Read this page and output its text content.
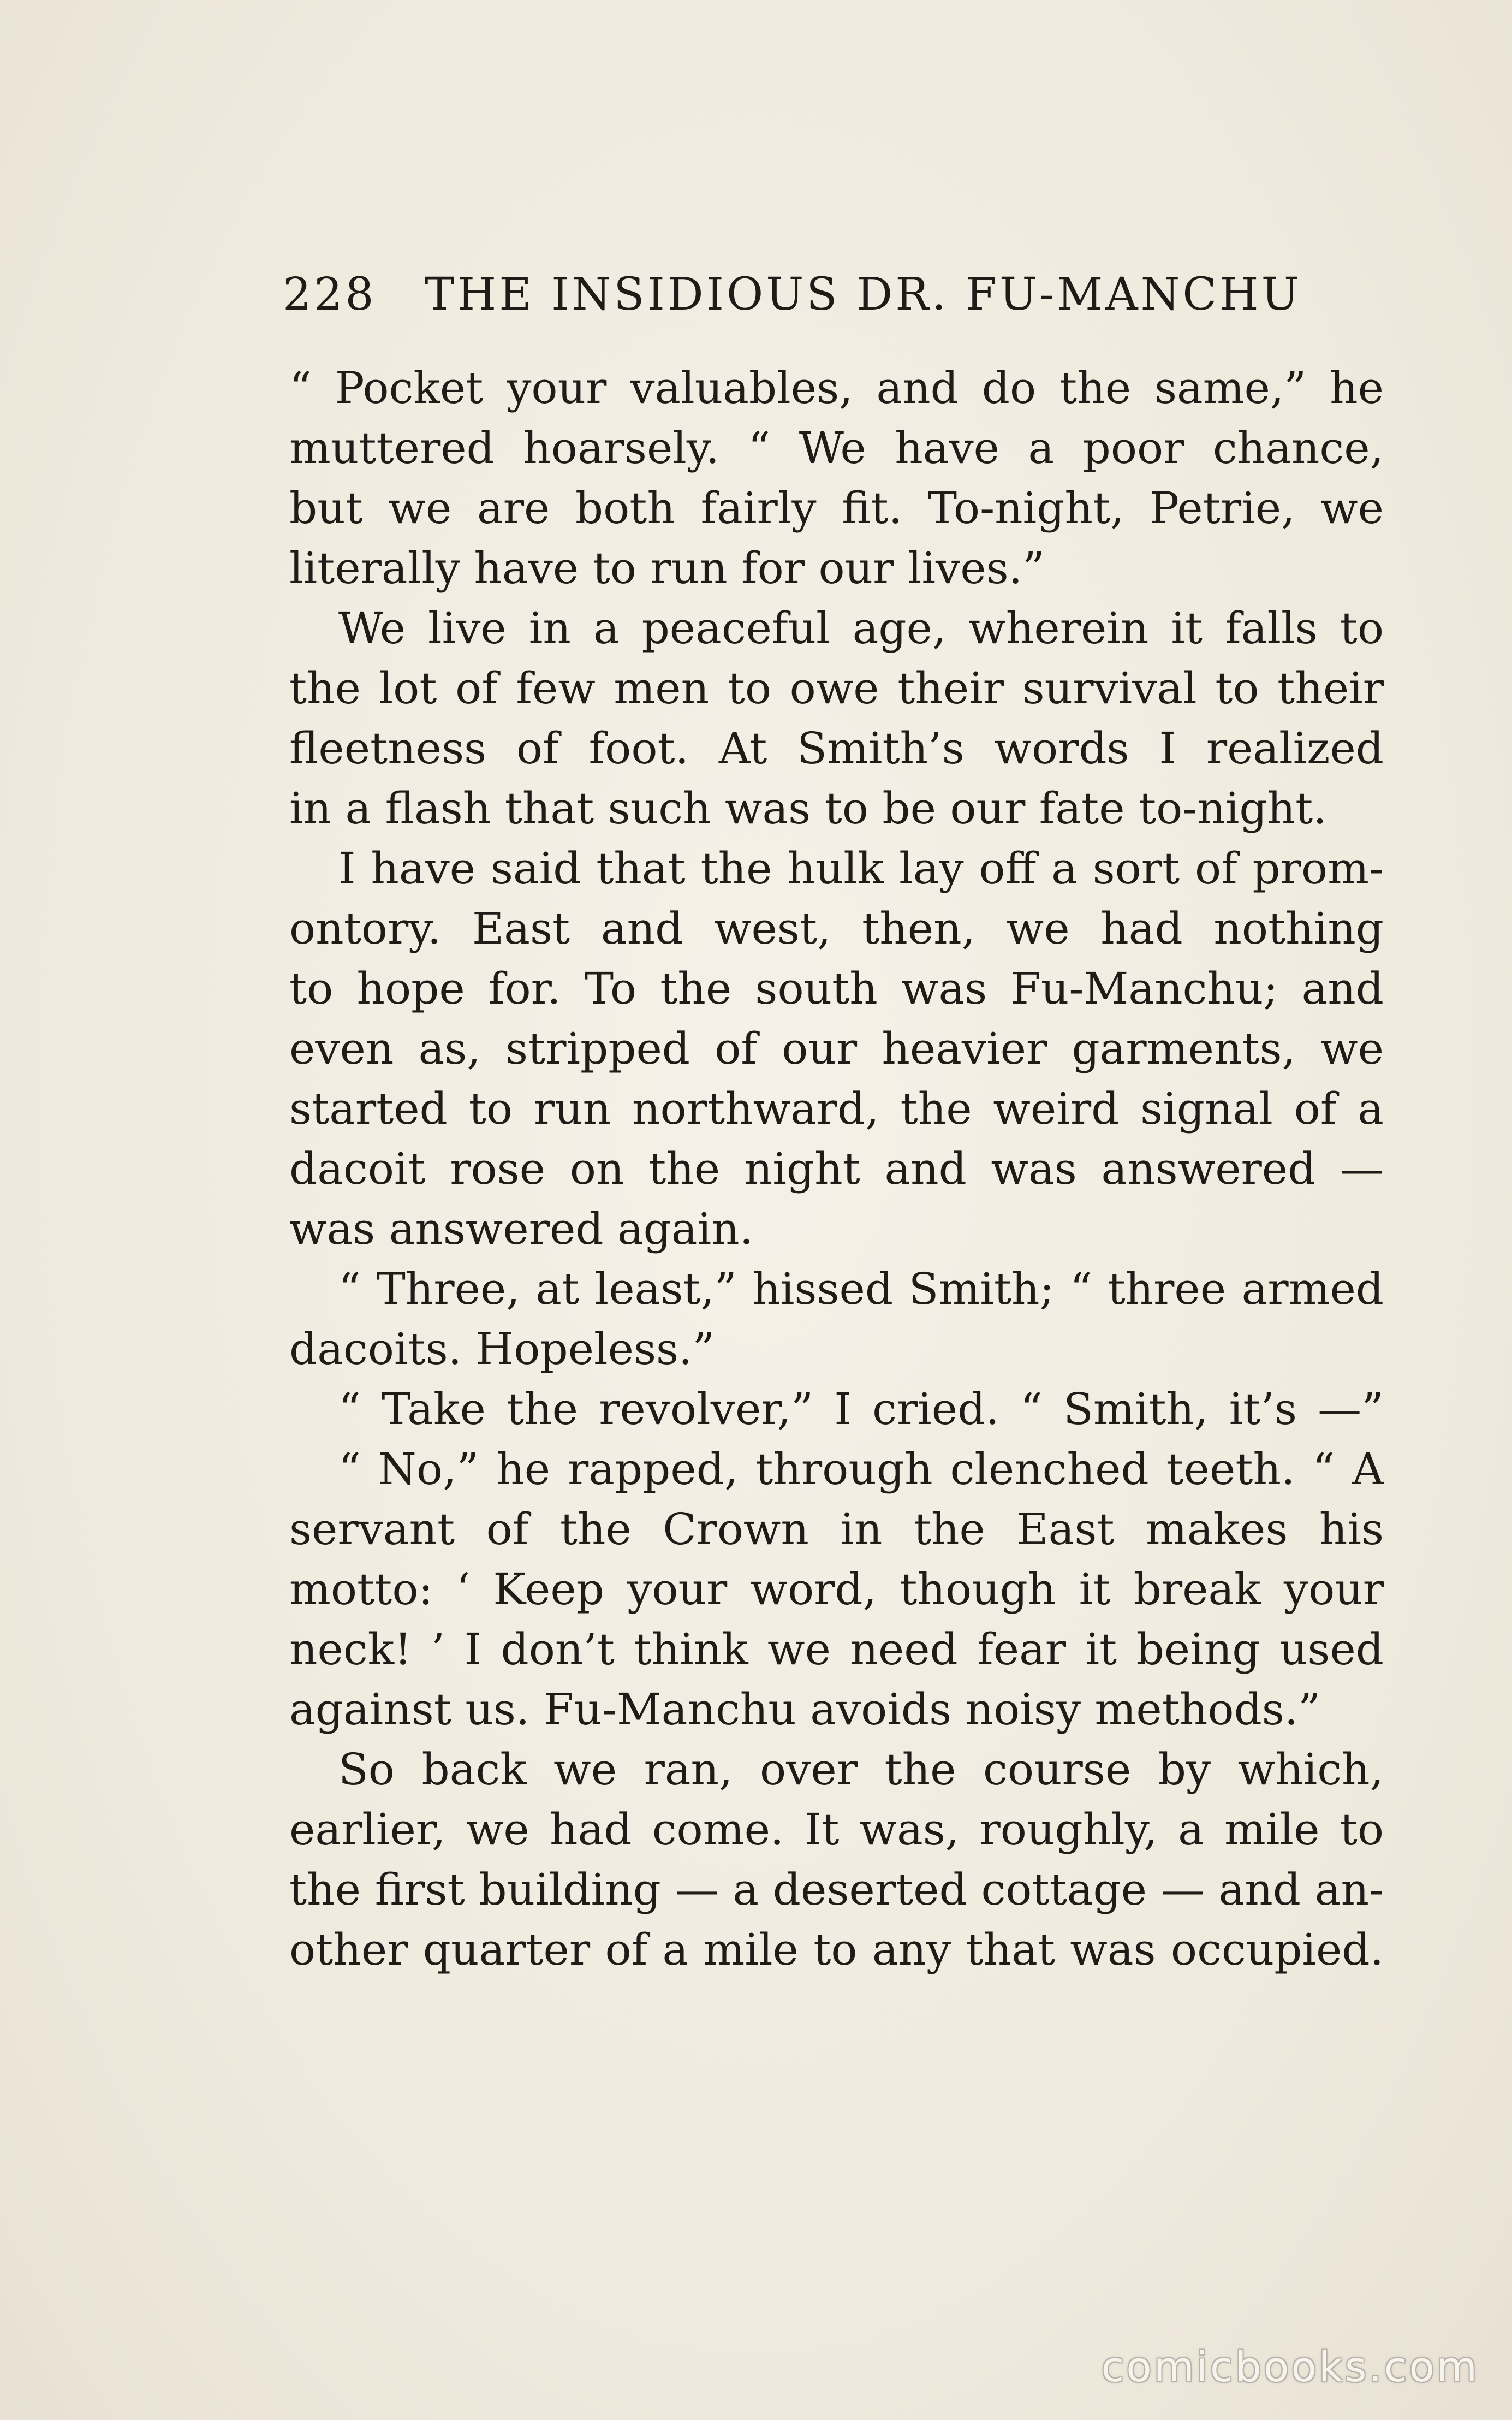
228 THE INSIDIOUS DR. FU-MANCHU
“ Pocket your valuables, and do the same,” he
muttered hoarsely. “ We have a poor chance,
but we are both fairly fit. To-night, Petrie, we
literally have to run for our lives.”
We live in a peaceful age, wherein it falls to
the lot of few men to owe their survival to their
fleetness of foot. At Smith’s words I realized
in a flash that such was to be our fate to-night.
I have said that the hulk lay off a sort of prom-
ontory. East and west, then, we had nothing
to hope for. To the south was Fu-Manchu; and
even as, stripped of our heavier garments, we
started to run northward, the weird signal of a
dacoit rose on the night and was answered —
was answered again.
“ Three, at least,” hissed Smith; “ three armed
dacoits. Hopeless.”
“ Take the revolver,” I cried. “ Smith, it’s —”
“ No,” he rapped, through clenched teeth. “ A
servant of the Crown in the East makes his
motto: ‘ Keep your word, though it break your
neck! ’ I don’t think we need fear it being used
against us. Fu-Manchu avoids noisy methods.”
So back we ran, over the course by which,
earlier, we had come. It was, roughly, a mile to
the first building — a deserted cottage — and an-
other quarter of a mile to any that was occupied.
comicbooks.com
